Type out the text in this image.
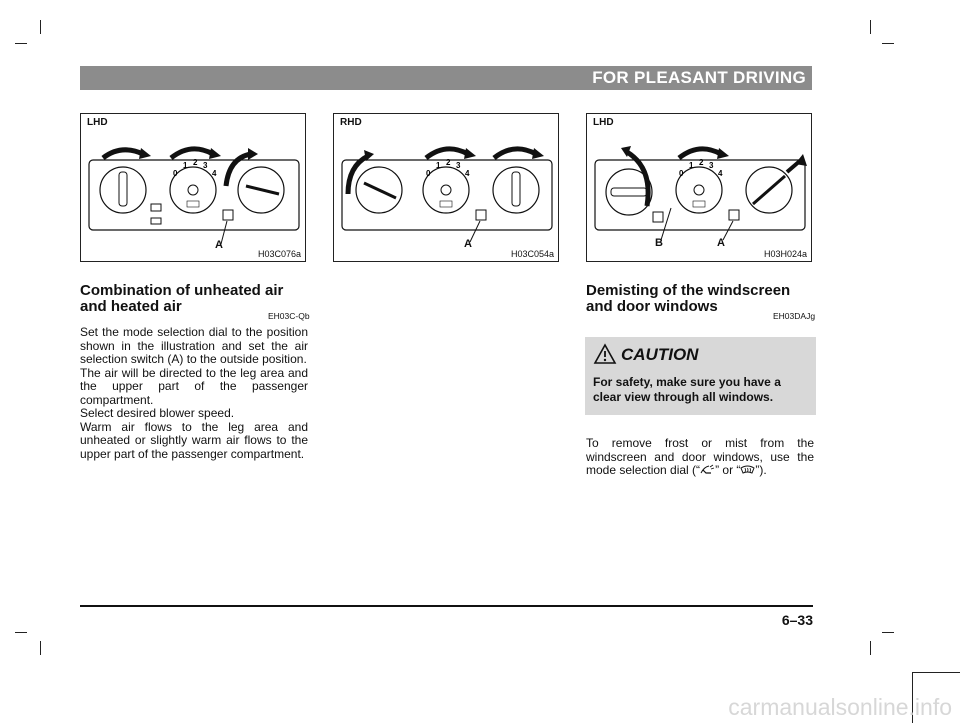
FOR PLEASANT DRIVING
LHD
0
1 2 3
4
A
H03C076a
RHD
0
1 2 3
4
A
H03C054a
LHD
0
1 2 3
4
B	A
H03H024a
Combination of unheated air and heated air
EH03C-Qb

Set the mode selection dial to the position shown in the illustration and set the air selection switch (A) to the outside position.

The air will be directed to the leg area and the upper part of the passenger compartment.

Select desired blower speed.

Warm air flows to the leg area and unheated or slightly warm air flows to the upper part of the passenger compartment.

Demisting of the windscreen and door windows
EH03DAJg
CAUTION
For safety, make sure you have a clear view through all windows.
To remove frost or mist from the windscreen and door windows, use the mode selection dial (“ ” or “ ”).
6–33
carmanualsonline.info
